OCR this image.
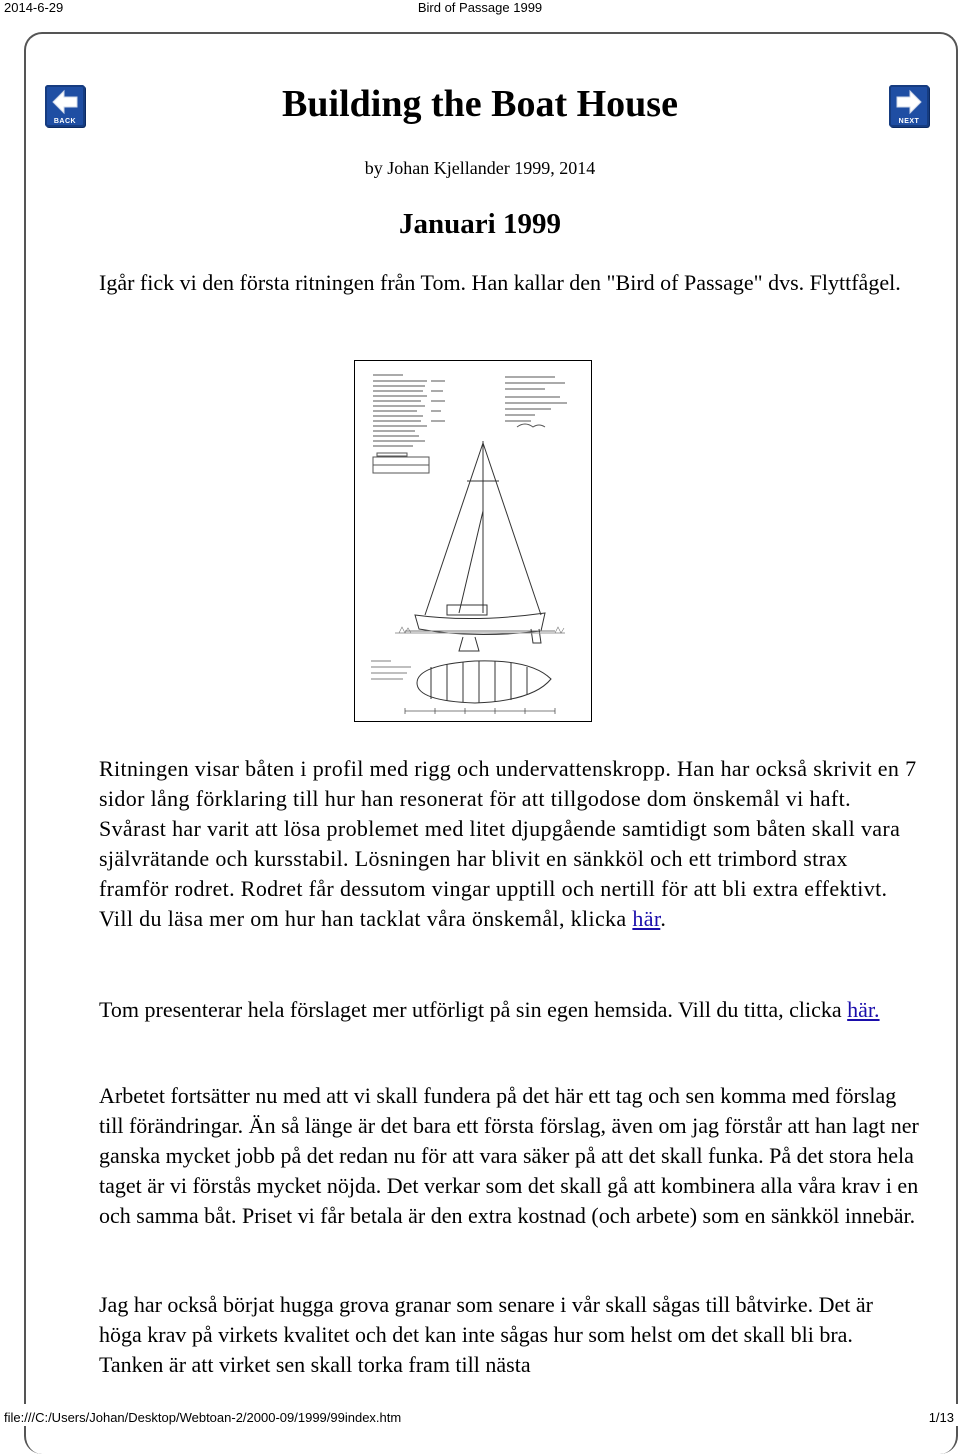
2014-6-29	Bird of Passage 1999
BACK	NEXT
Building the Boat House
by Johan Kjellander 1999, 2014
Januari 1999

Igår fick vi den första ritningen från Tom. Han kallar den "Bird of Passage" dvs. Flyttfågel.

Ritningen visar båten i profil med rigg och undervattenskropp. Han har också skrivit en 7 sidor lång förklaring till hur han resonerat för att tillgodose dom önskemål vi haft. Svårast har varit att lösa problemet med litet djupgående samtidigt som båten skall vara självrätande och kursstabil. Lösningen har blivit en sänkköl och ett trimbord strax framför rodret. Rodret får dessutom vingar upptill och nertill för att bli extra effektivt. Vill du läsa mer om hur han tacklat våra önskemål, klicka här.

Tom presenterar hela förslaget mer utförligt på sin egen hemsida. Vill du titta, clicka här.

Arbetet fortsätter nu med att vi skall fundera på det här ett tag och sen komma med förslag till förändringar. Än så länge är det bara ett första förslag, även om jag förstår att han lagt ner ganska mycket jobb på det redan nu för att vara säker på att det skall funka. På det stora hela taget är vi förstås mycket nöjda. Det verkar som det skall gå att kombinera alla våra krav i en och samma båt. Priset vi får betala är den extra kostnad (och arbete) som en sänkköl innebär.

Jag har också börjat hugga grova granar som senare i vår skall sågas till båtvirke. Det är höga krav på virkets kvalitet och det kan inte sågas hur som helst om det skall bli bra. Tanken är att virket sen skall torka fram till nästa

file:///C:/Users/Johan/Desktop/Webtoan-2/2000-09/1999/99index.htm	1/13
